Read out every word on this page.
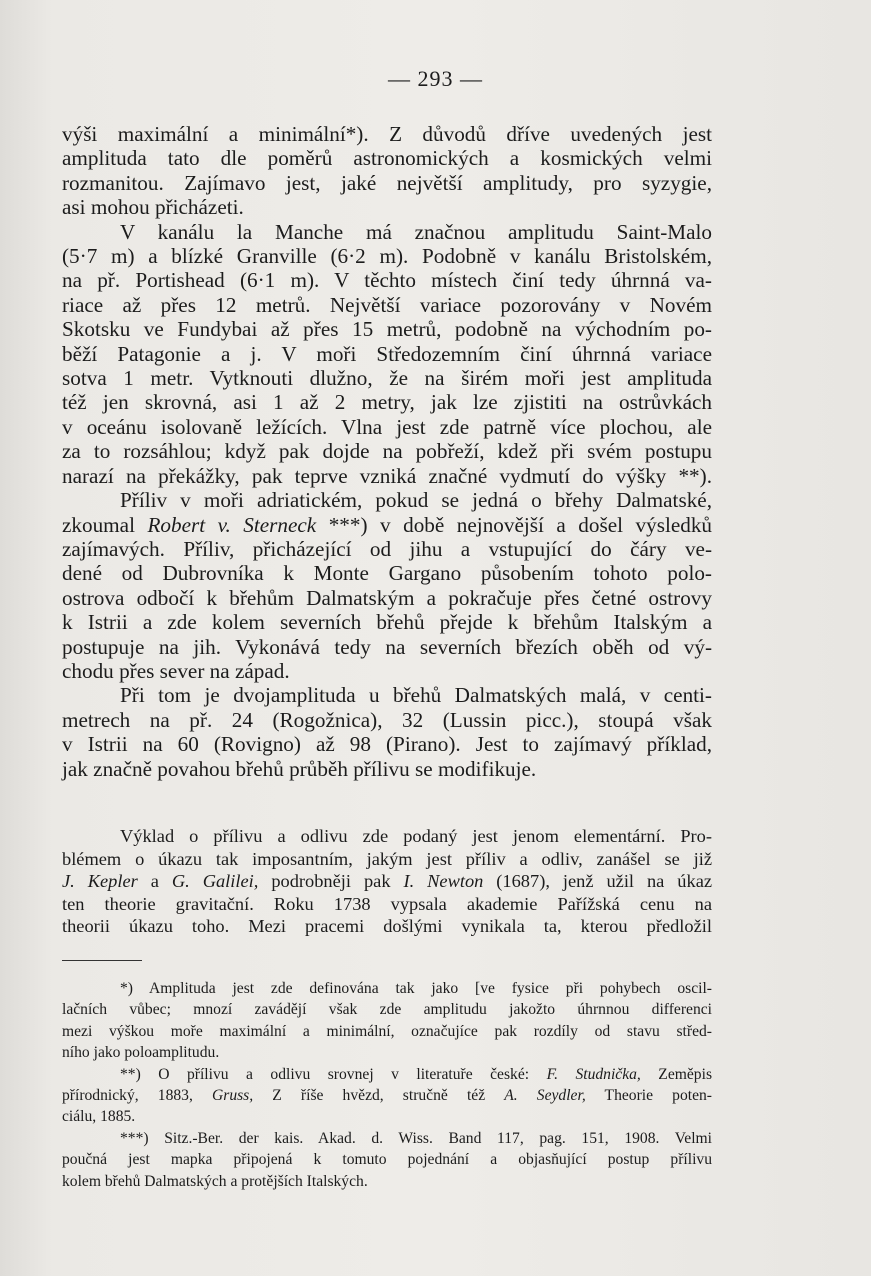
— 293 —
výši maximální a minimální*). Z důvodů dříve uvedených jest
amplituda tato dle poměrů astronomických a kosmických velmi
rozmanitou. Zajímavo jest, jaké největší amplitudy, pro syzygie,
asi mohou přicházeti.
V kanálu la Manche má značnou amplitudu Saint-Malo
(5·7 m) a blízké Granville (6·2 m). Podobně v kanálu Bristolském,
na př. Portishead (6·1 m). V těchto místech činí tedy úhrnná va-
riace až přes 12 metrů. Největší variace pozorovány v Novém
Skotsku ve Fundybai až přes 15 metrů, podobně na východním po-
běží Patagonie a j. V moři Středozemním činí úhrnná variace
sotva 1 metr. Vytknouti dlužno, že na širém moři jest amplituda
též jen skrovná, asi 1 až 2 metry, jak lze zjistiti na ostrůvkách
v oceánu isolovaně ležících. Vlna jest zde patrně více plochou, ale
za to rozsáhlou; když pak dojde na pobřeží, kdež při svém postupu
narazí na překážky, pak teprve vzniká značné vydmutí do výšky **).
Příliv v moři adriatickém, pokud se jedná o břehy Dalmatské,
zkoumal Robert v. Sterneck ***) v době nejnovější a došel výsledků
zajímavých. Příliv, přicházející od jihu a vstupující do čáry ve-
dené od Dubrovníka k Monte Gargano působením tohoto polo-
ostrova odbočí k břehům Dalmatským a pokračuje přes četné ostrovy
k Istrii a zde kolem severních břehů přejde k břehům Italským a
postupuje na jih. Vykonává tedy na severních březích oběh od vý-
chodu přes sever na západ.
Při tom je dvojamplituda u břehů Dalmatských malá, v centi-
metrech na př. 24 (Rogožnica), 32 (Lussin picc.), stoupá však
v Istrii na 60 (Rovigno) až 98 (Pirano). Jest to zajímavý příklad,
jak značně povahou břehů průběh přílivu se modifikuje.
Výklad o přílivu a odlivu zde podaný jest jenom elementární. Pro-
blémem o úkazu tak imposantním, jakým jest příliv a odliv, zanášel se již
J. Kepler a G. Galilei, podrobněji pak I. Newton (1687), jenž užil na úkaz
ten theorie gravitační. Roku 1738 vypsala akademie Pařížská cenu na
theorii úkazu toho. Mezi pracemi došlými vynikala ta, kterou předložil
*) Amplituda jest zde definována tak jako [ve fysice při pohybech oscil-
lačních vůbec; mnozí zavádějí však zde amplitudu jakožto úhrnnou differenci
mezi výškou moře maximální a minimální, označujíce pak rozdíly od stavu střed-
ního jako poloamplitudu.
**) O přílivu a odlivu srovnej v literatuře české: F. Studnička, Zeměpis
přírodnický, 1883, Gruss, Z říše hvězd, stručně též A. Seydler, Theorie poten-
ciálu, 1885.
***) Sitz.-Ber. der kais. Akad. d. Wiss. Band 117, pag. 151, 1908. Velmi
poučná jest mapka připojená k tomuto pojednání a objasňující postup přílivu
kolem břehů Dalmatských a protějších Italských.
